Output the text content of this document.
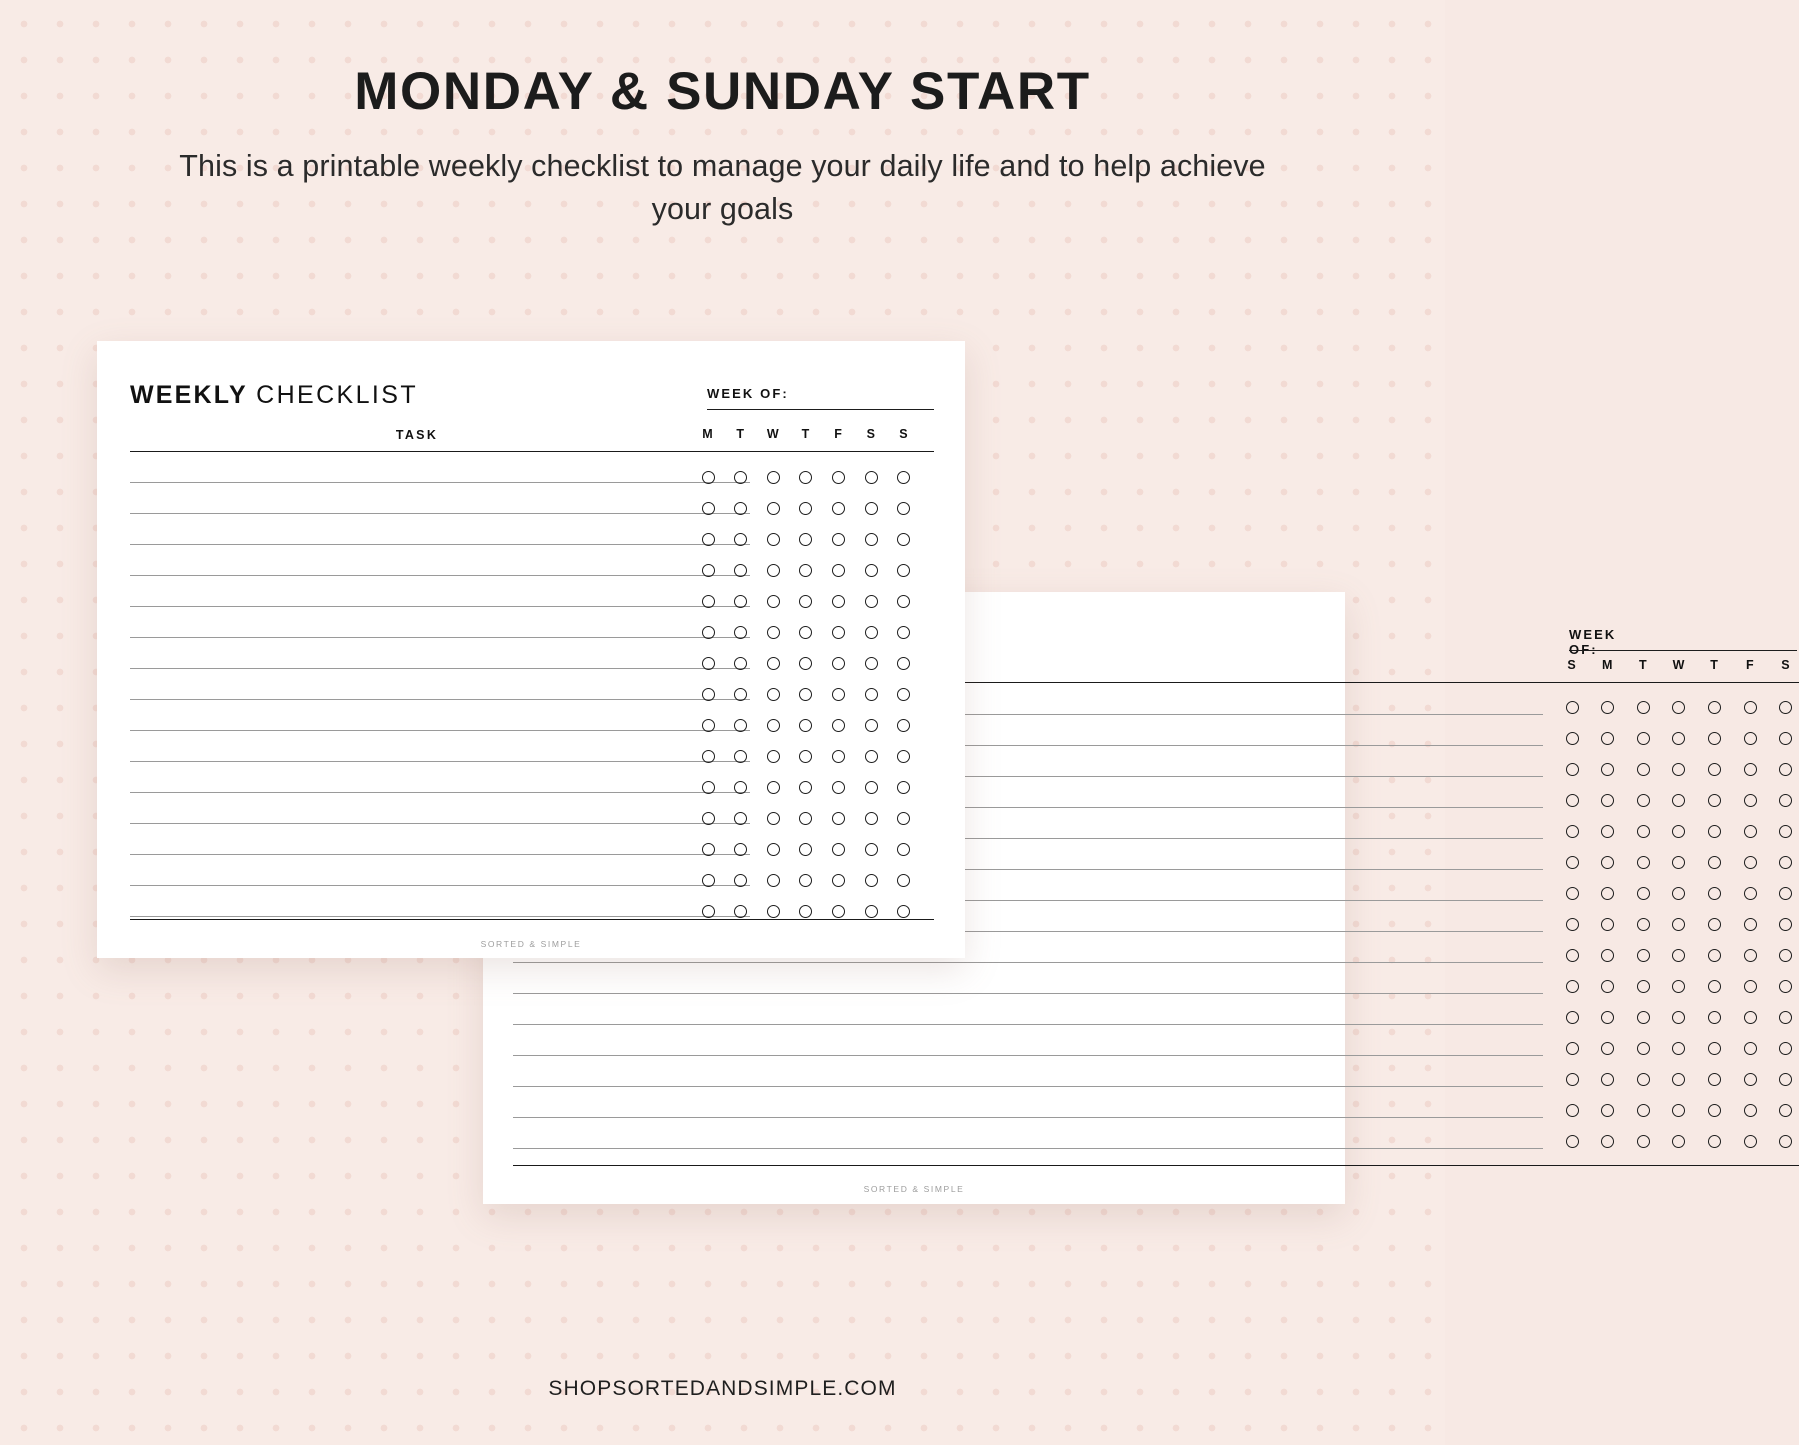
MONDAY & SUNDAY START

This is a printable weekly checklist to manage your daily life and to help achieve your goals

WEEK OF:
S	M	T	W	T	F	S
SORTED & SIMPLE
WEEKLY CHECKLIST	WEEK OF:
TASK	M	T	W	T	F	S	S
SORTED & SIMPLE
SHOPSORTEDANDSIMPLE.COM
